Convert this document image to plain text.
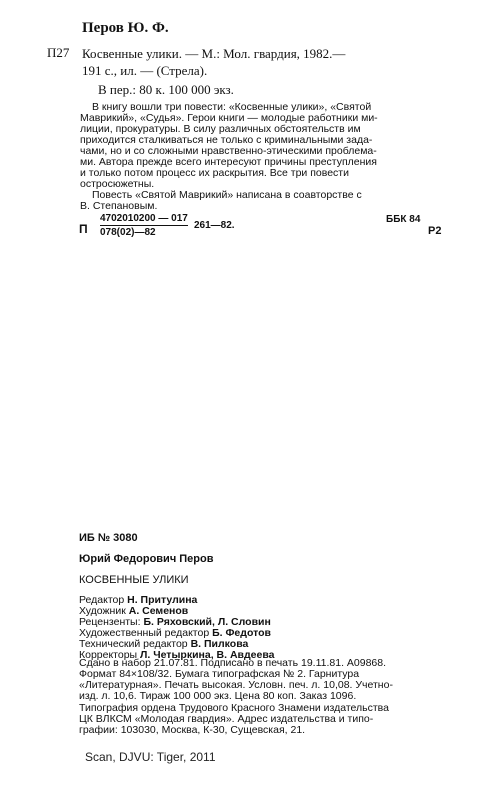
Перов Ю. Ф.
П27 Косвенные улики. — М.: Мол. гвардия, 1982.—
191 с., ил. — (Стрела).
В пер.: 80 к. 100 000 экз.
В книгу вошли три повести: «Косвенные улики», «Святой
Маврикий», «Судья». Герои книги — молодые работники ми-
лиции, прокуратуры. В силу различных обстоятельств им
приходится сталкиваться не только с криминальными зада-
чами, но и со сложными нравственно-этическими проблема-
ми. Автора прежде всего интересуют причины преступления
и только потом процесс их раскрытия. Все три повести
остросюжетны.
Повесть «Святой Маврикий» написана в соавторстве с
В. Степановым.
П $\frac{4702010200 — 017}{078(02)—82}$ 261—82.
ББК 84
Р2
ИБ № 3080
Юрий Федорович Перов
КОСВЕННЫЕ УЛИКИ
Редактор Н. Притулина
Художник А. Семенов
Рецензенты: Б. Ряховский, Л. Словин
Художественный редактор Б. Федотов
Технический редактор В. Пилкова
Корректоры Л. Четыркина, В. Авдеева
Сдано в набор 21.07.81. Подписано в печать 19.11.81. А09868.
Формат 84×108/32. Бумага типографская № 2. Гарнитура
«Литературная». Печать высокая. Условн. печ. л. 10,08. Учетно-
изд. л. 10,6. Тираж 100 000 экз. Цена 80 коп. Заказ 1096.
Типография ордена Трудового Красного Знамени издательства
ЦК ВЛКСМ «Молодая гвардия». Адрес издательства и типо-
графии: 103030, Москва, К-30, Сущевская, 21.
Scan, DJVU: Tiger, 2011
